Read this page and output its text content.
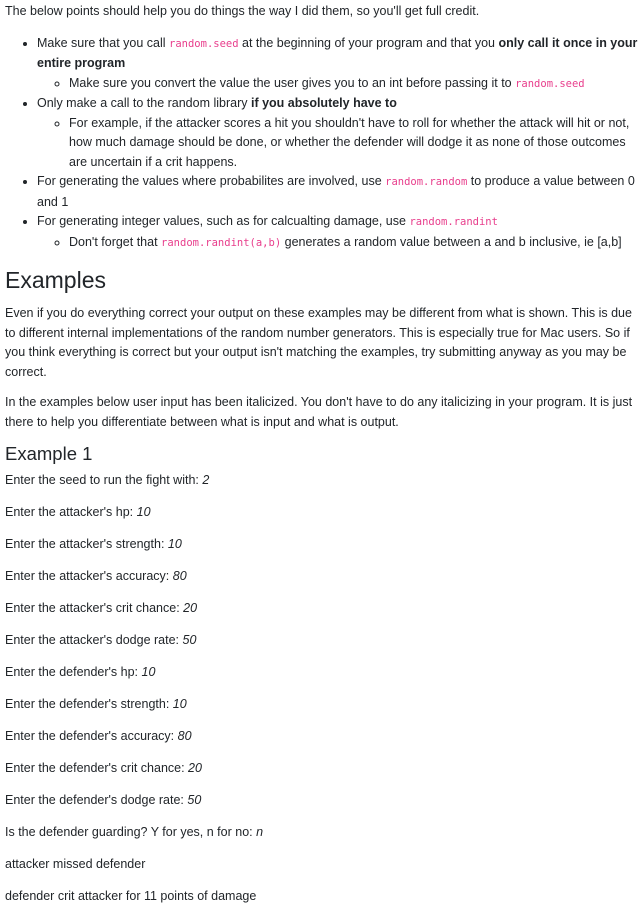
The below points should help you do things the way I did them, so you'll get full credit.

• Make sure that you call random.seed at the beginning of your program and that you only call it once in your entire program
◦ Make sure you convert the value the user gives you to an int before passing it to random.seed
• Only make a call to the random library if you absolutely have to
◦ For example, if the attacker scores a hit you shouldn't have to roll for whether the attack will hit or not, how much damage should be done, or whether the defender will dodge it as none of those outcomes are uncertain if a crit happens.
• For generating the values where probabilites are involved, use random.random to produce a value between 0 and 1
• For generating integer values, such as for calcualting damage, use random.randint
◦ Don't forget that random.randint(a,b) generates a random value between a and b inclusive, ie [a,b]
Examples

Even if you do everything correct your output on these examples may be different from what is shown. This is due to different internal implementations of the random number generators. This is especially true for Mac users. So if you think everything is correct but your output isn't matching the examples, try submitting anyway as you may be correct.

In the examples below user input has been italicized. You don't have to do any italicizing in your program. It is just there to help you differentiate between what is input and what is output.

Example 1

Enter the seed to run the fight with: 2

Enter the attacker's hp: 10

Enter the attacker's strength: 10

Enter the attacker's accuracy: 80

Enter the attacker's crit chance: 20

Enter the attacker's dodge rate: 50

Enter the defender's hp: 10

Enter the defender's strength: 10

Enter the defender's accuracy: 80

Enter the defender's crit chance: 20

Enter the defender's dodge rate: 50

Is the defender guarding? Y for yes, n for no: n

attacker missed defender

defender crit attacker for 11 points of damage
